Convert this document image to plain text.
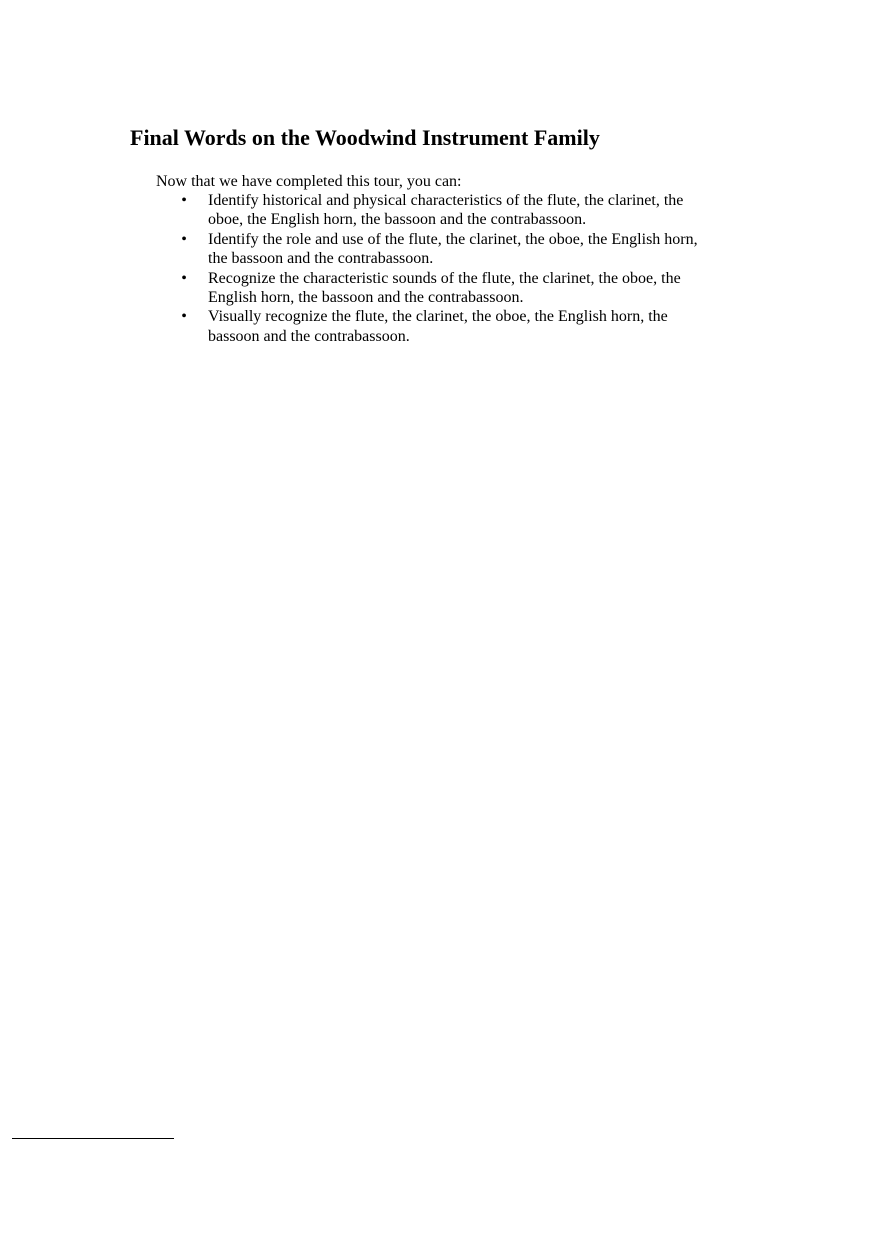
Final Words on the Woodwind Instrument Family

Now that we have completed this tour, you can:

• Identify historical and physical characteristics of the flute, the clarinet, the
oboe, the English horn, the bassoon and the contrabassoon.
• Identify the role and use of the flute, the clarinet, the oboe, the English horn,
the bassoon and the contrabassoon.
• Recognize the characteristic sounds of the flute, the clarinet, the oboe, the
English horn, the bassoon and the contrabassoon.
• Visually recognize the flute, the clarinet, the oboe, the English horn, the
bassoon and the contrabassoon.
